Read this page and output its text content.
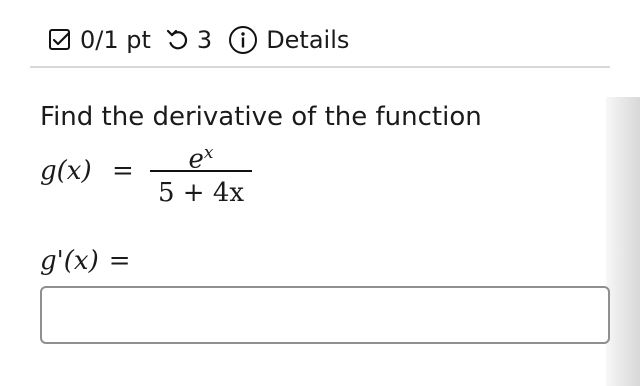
0/1 pt 3 Details
Find the derivative of the function
g(x) =	$e^x$
5 + 4x
g'(x) =
